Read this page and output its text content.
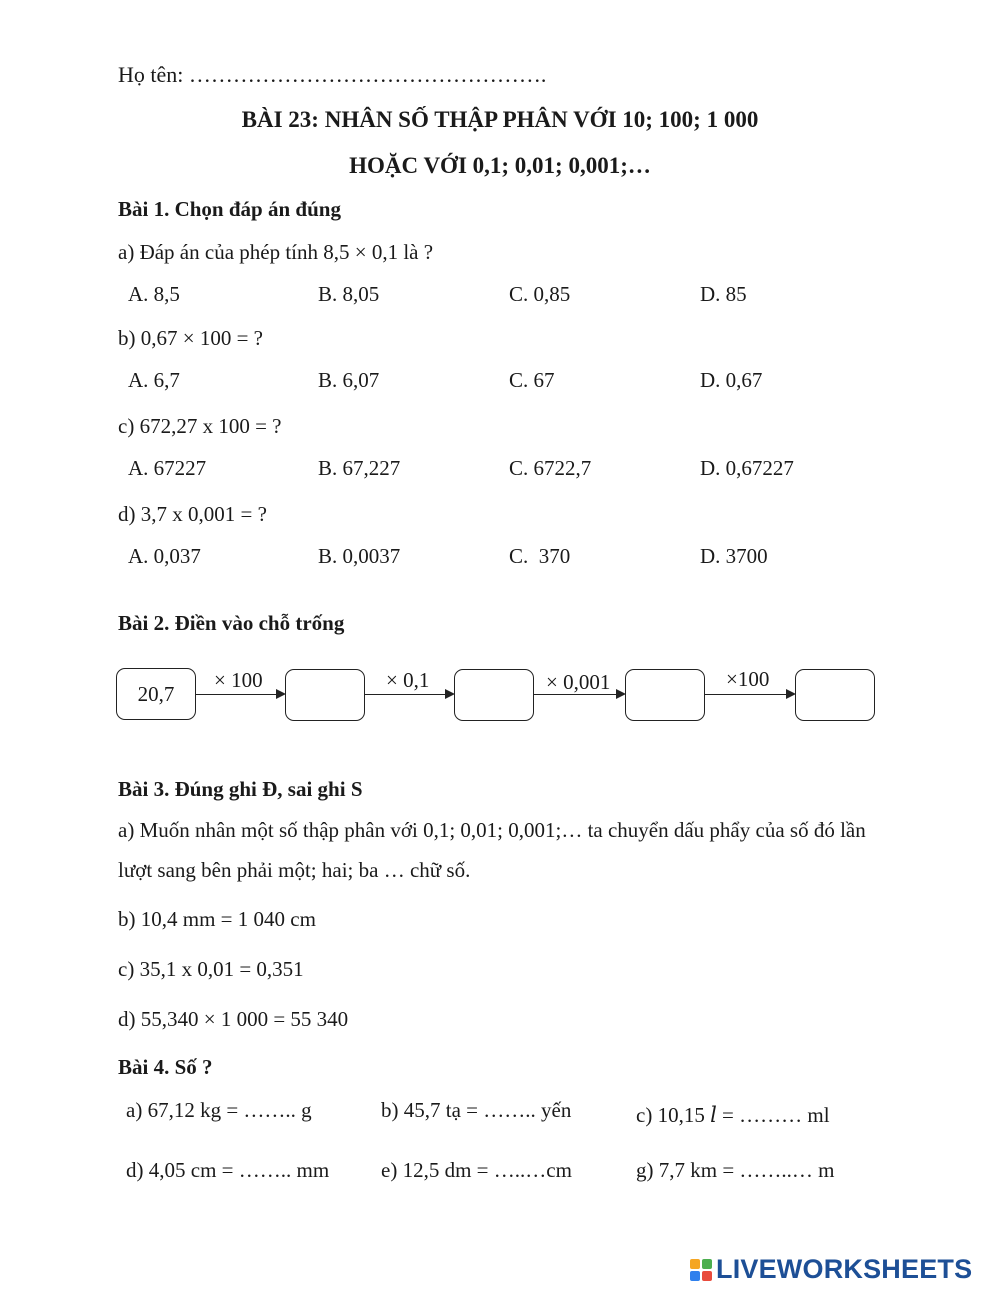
Họ tên: ………………………………………….
BÀI 23: NHÂN SỐ THẬP PHÂN VỚI 10; 100; 1 000
HOẶC VỚI 0,1; 0,01; 0,001;…
Bài 1. Chọn đáp án đúng
a) Đáp án của phép tính 8,5 × 0,1 là ?
A. 8,5	B. 8,05	C. 0,85	D. 85
b) 0,67 × 100 = ?
A. 6,7	B. 6,07	C. 67	D. 0,67
c) 672,27 x 100 = ?
A. 67227	B. 67,227	C. 6722,7	D. 0,67227
d) 3,7 x 0,001 = ?
A. 0,037	B. 0,0037	C.  370	D. 3700
Bài 2. Điền vào chỗ trống
20,7
× 100	× 0,1	× 0,001	×100
Bài 3. Đúng ghi Đ, sai ghi S
a) Muốn nhân một số thập phân với 0,1; 0,01; 0,001;… ta chuyển dấu phẩy của số đó lần
lượt sang bên phải một; hai; ba … chữ số.
b) 10,4 mm = 1 040 cm
c) 35,1 x 0,01 = 0,351
d) 55,340 × 1 000 = 55 340
Bài 4. Số ?
a) 67,12 kg = …….. g	b) 45,7 tạ = …….. yến	c) 10,15 𝑙 = ……… ml
d) 4,05 cm = …….. mm e) 12,5 dm = …..…cm	g) 7,7 km = ……..… m
LIVEWORKSHEETS
